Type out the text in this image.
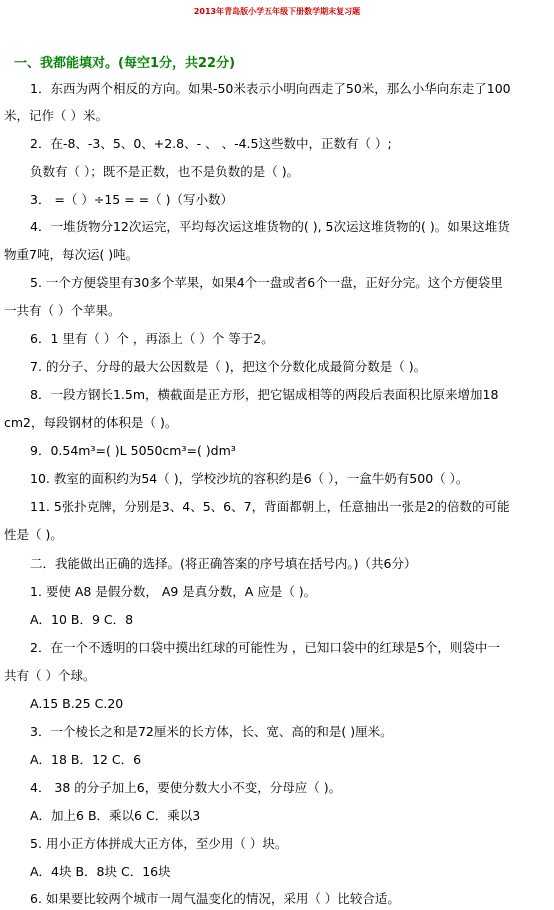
2013年青岛版小学五年级下册数学期末复习题
一、我都能填对。(每空1分，共22分)
1．东西为两个相反的方向。如果-50米表示小明向西走了50米，那么小华向东走了100
米，记作（ ）米。
2．在-8、-3、5、0、+2.8、- 、 、-4.5这些数中，正数有（ ）;
负数有（ ）；既不是正数，也不是负数的是（ )。
3． =（ ）÷15 = =（ )（写小数）
4．一堆货物分12次运完，平均每次运这堆货物的( ), 5次运这堆货物的( )。如果这堆货
物重7吨，每次运( )吨。
5. 一个方便袋里有30多个苹果，如果4个一盘或者6个一盘，正好分完。这个方便袋里
一共有（ ）个苹果。
6．1 里有（ ）个 ，再添上（ ）个 等于2。
7. 的分子、分母的最大公因数是（ )，把这个分数化成最简分数是（ )。
8．一段方钢长1.5m，横截面是正方形，把它锯成相等的两段后表面积比原来增加18
cm2，每段钢材的体积是（ )。
9．0.54m³=( )L 5050cm³=( )dm³
10. 教室的面积约为54（ )，学校沙坑的容积约是6（ ），一盒牛奶有500（ ）。
11. 5张扑克牌，分别是3、4、5、6、7，背面都朝上，任意抽出一张是2的倍数的可能
性是（ )。
二．我能做出正确的选择。(将正确答案的序号填在括号内。)（共6分）
1. 要使 A8 是假分数， A9 是真分数，A 应是（ )。
A．10 B．9 C．8
2．在一个不透明的口袋中摸出红球的可能性为 ，已知口袋中的红球是5个，则袋中一
共有（ ）个球。
A.15 B.25 C.20
3．一个棱长之和是72厘米的长方体，长、宽、高的和是( )厘米。
A．18 B．12 C．6
4． 38 的分子加上6，要使分数大小不变，分母应（ )。
A．加上6 B．乘以6 C．乘以3
5. 用小正方体拼成大正方体，至少用（ ）块。
A．4块 B．8块 C．16块
6. 如果要比较两个城市一周气温变化的情况，采用（ ）比较合适。
